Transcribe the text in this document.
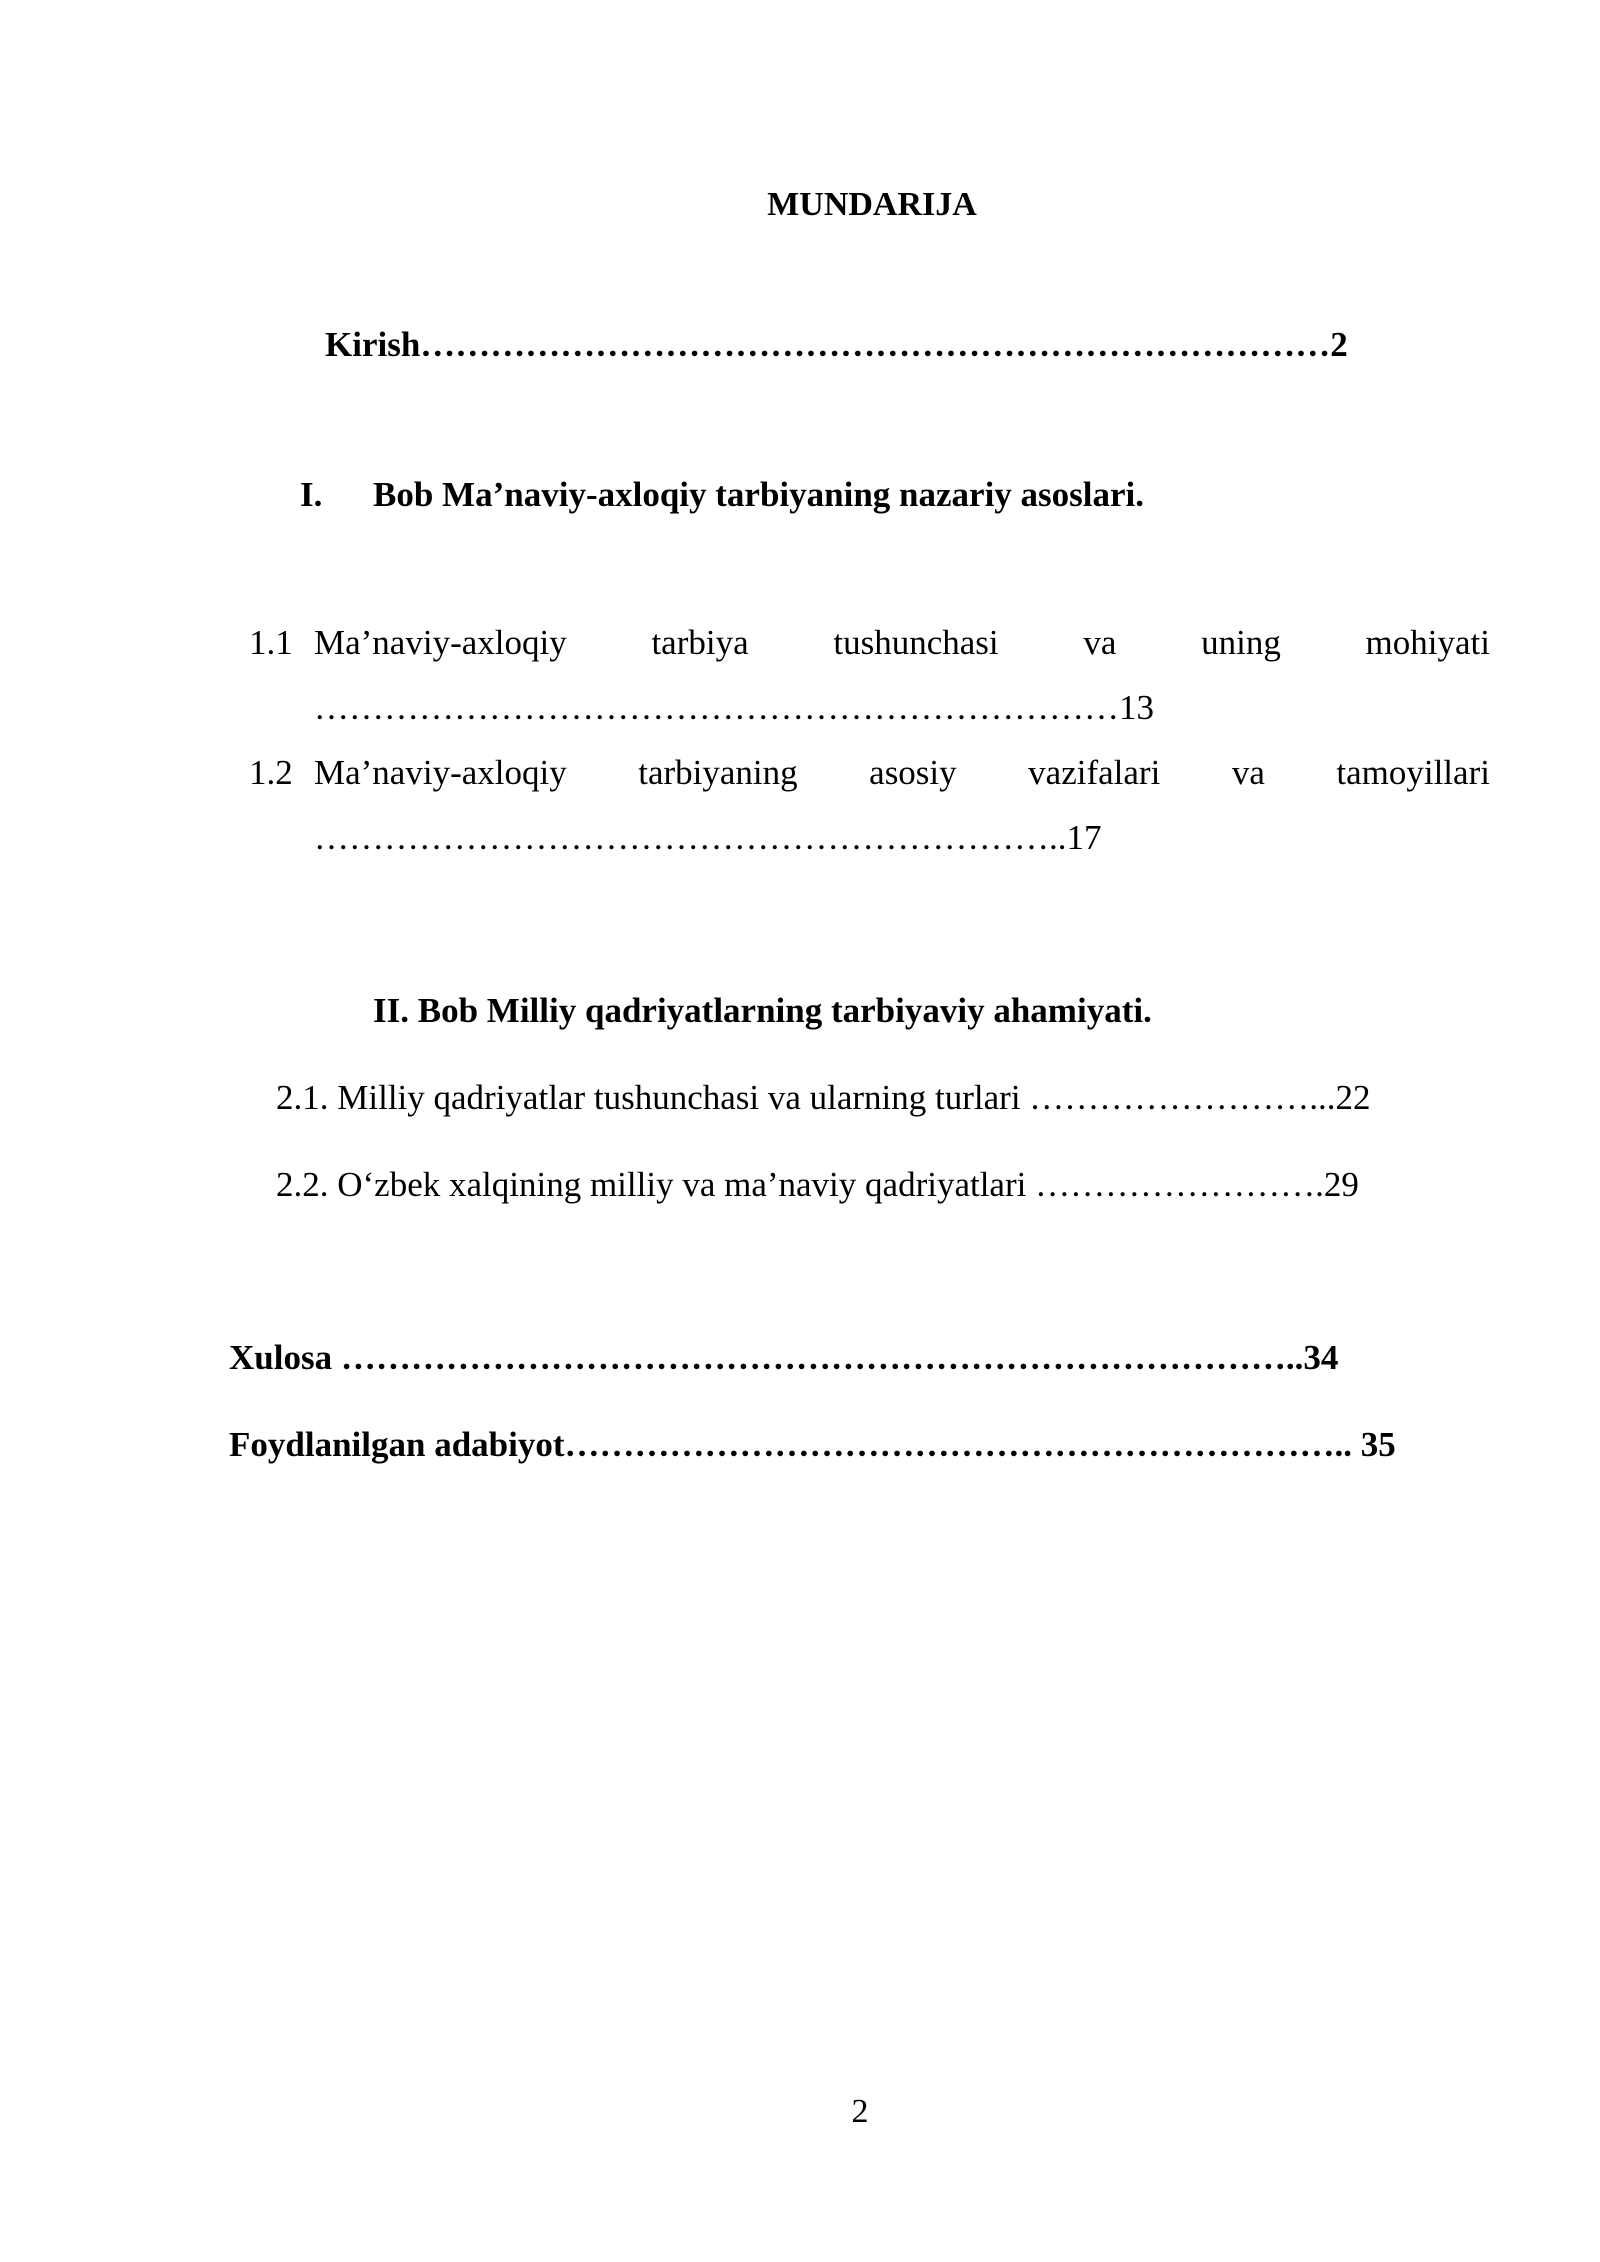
MUNDARIJA
Kirish……………………………………………………………………2
I. Bob Ma’naviy-axloqiy tarbiyaning nazariy asoslari.
1.1 Ma’naviy-axloqiy tarbiya tushunchasi va uning mohiyati
……………………………………………………………13
1.2 Ma’naviy-axloqiy tarbiyaning asosiy vazifalari va tamoyillari
………………………………………………………..17
II. Bob Milliy qadriyatlarning tarbiyaviy ahamiyati.
2.1. Milliy qadriyatlar tushunchasi va ularning turlari ……………………...22
2.2. O‘zbek xalqining milliy va ma’naviy qadriyatlari …………………….29
Xulosa ………………………………………………………………………..34
Foydlanilgan adabiyot………………………………………………………….. 35
2
